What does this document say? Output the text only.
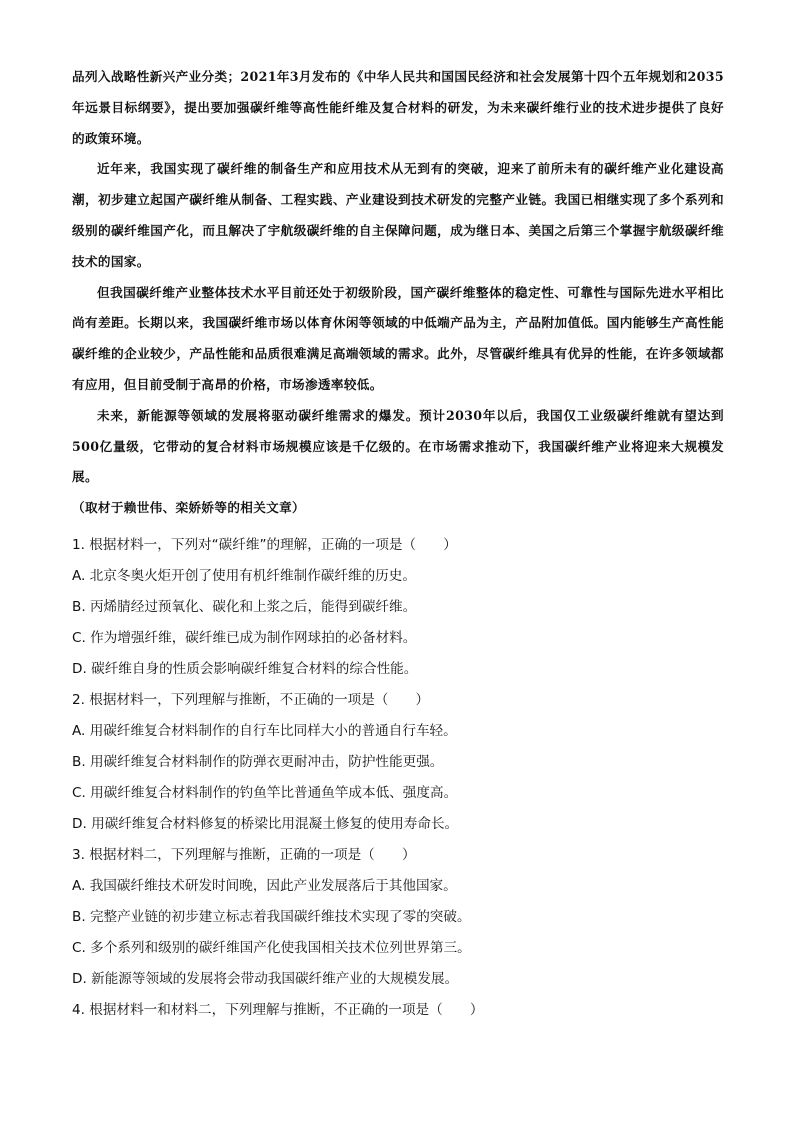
品列入战略性新兴产业分类；2021年3月发布的《中华人民共和国国民经济和社会发展第十四个五年规划和2035年远景目标纲要》，提出要加强碳纤维等高性能纤维及复合材料的研发，为未来碳纤维行业的技术进步提供了良好的政策环境。

近年来，我国实现了碳纤维的制备生产和应用技术从无到有的突破，迎来了前所未有的碳纤维产业化建设高潮，初步建立起国产碳纤维从制备、工程实践、产业建设到技术研发的完整产业链。我国已相继实现了多个系列和级别的碳纤维国产化，而且解决了宇航级碳纤维的自主保障问题，成为继日本、美国之后第三个掌握宇航级碳纤维技术的国家。

但我国碳纤维产业整体技术水平目前还处于初级阶段，国产碳纤维整体的稳定性、可靠性与国际先进水平相比尚有差距。长期以来，我国碳纤维市场以体育休闲等领域的中低端产品为主，产品附加值低。国内能够生产高性能碳纤维的企业较少，产品性能和品质很难满足高端领域的需求。此外，尽管碳纤维具有优异的性能，在许多领域都有应用，但目前受制于高昂的价格，市场渗透率较低。

未来，新能源等领域的发展将驱动碳纤维需求的爆发。预计2030年以后，我国仅工业级碳纤维就有望达到500亿量级，它带动的复合材料市场规模应该是千亿级的。在市场需求推动下，我国碳纤维产业将迎来大规模发展。

（取材于赖世伟、栾娇娇等的相关文章）

1. 根据材料一，下列对“碳纤维”的理解，正确的一项是（　　）

A. 北京冬奥火炬开创了使用有机纤维制作碳纤维的历史。

B. 丙烯腈经过预氧化、碳化和上浆之后，能得到碳纤维。

C. 作为增强纤维，碳纤维已成为制作网球拍的必备材料。

D. 碳纤维自身的性质会影响碳纤维复合材料的综合性能。

2. 根据材料一，下列理解与推断，不正确的一项是（　　）

A. 用碳纤维复合材料制作的自行车比同样大小的普通自行车轻。

B. 用碳纤维复合材料制作的防弹衣更耐冲击，防护性能更强。

C. 用碳纤维复合材料制作的钓鱼竿比普通鱼竿成本低、强度高。

D. 用碳纤维复合材料修复的桥梁比用混凝土修复的使用寿命长。

3. 根据材料二，下列理解与推断，正确的一项是（　　）

A. 我国碳纤维技术研发时间晚，因此产业发展落后于其他国家。

B. 完整产业链的初步建立标志着我国碳纤维技术实现了零的突破。

C. 多个系列和级别的碳纤维国产化使我国相关技术位列世界第三。

D. 新能源等领域的发展将会带动我国碳纤维产业的大规模发展。

4. 根据材料一和材料二，下列理解与推断，不正确的一项是（　　）
